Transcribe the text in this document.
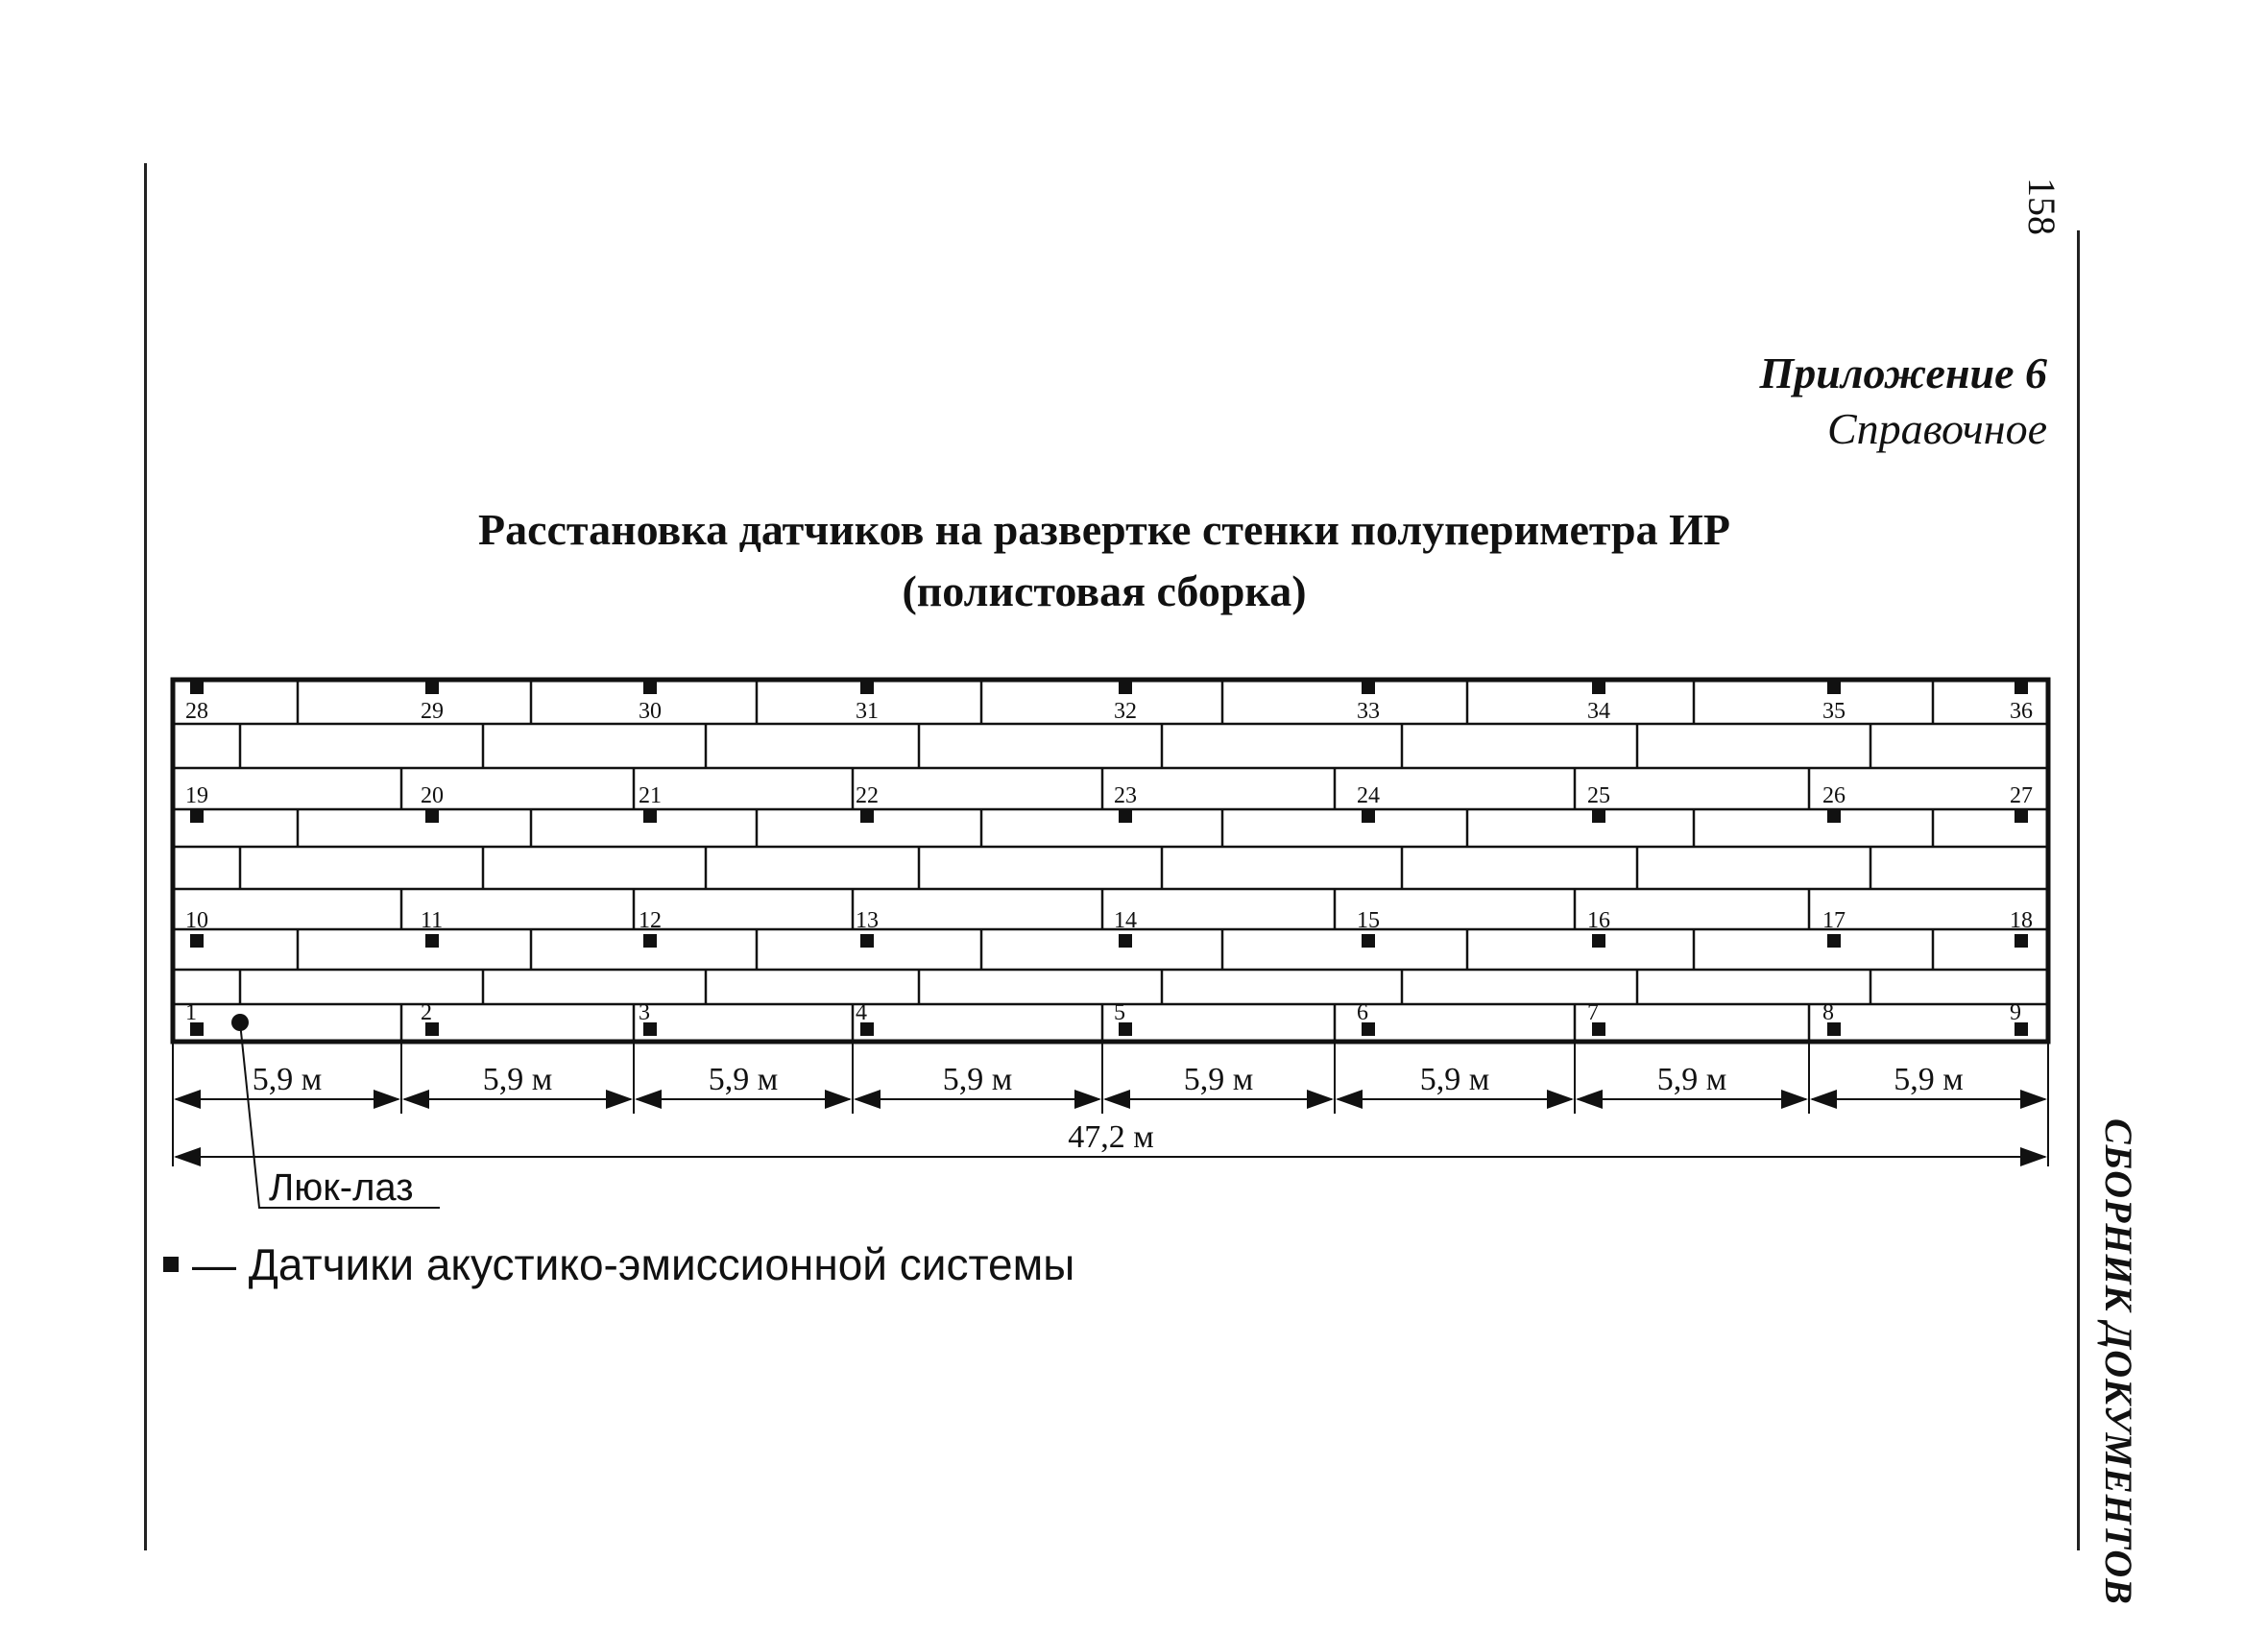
158
СБОРНИК ДОКУМЕНТОВ
Приложение 6
Справочное
Расстановка датчиков на развертке стенки полупериметра ИР
(полистовая сборка)
28	29	30	31	32	33	34	35	36
19	20	21	22	23	24	25	26	27
10	11	12	13	14	15	16	17	18
1	2	3	4	5	6	7	8	9
5,9 м	5,9 м	5,9 м	5,9 м	5,9 м	5,9 м	5,9 м	5,9 м
47,2 м
Люк-лаз
— Датчики акустико-эмиссионной системы
